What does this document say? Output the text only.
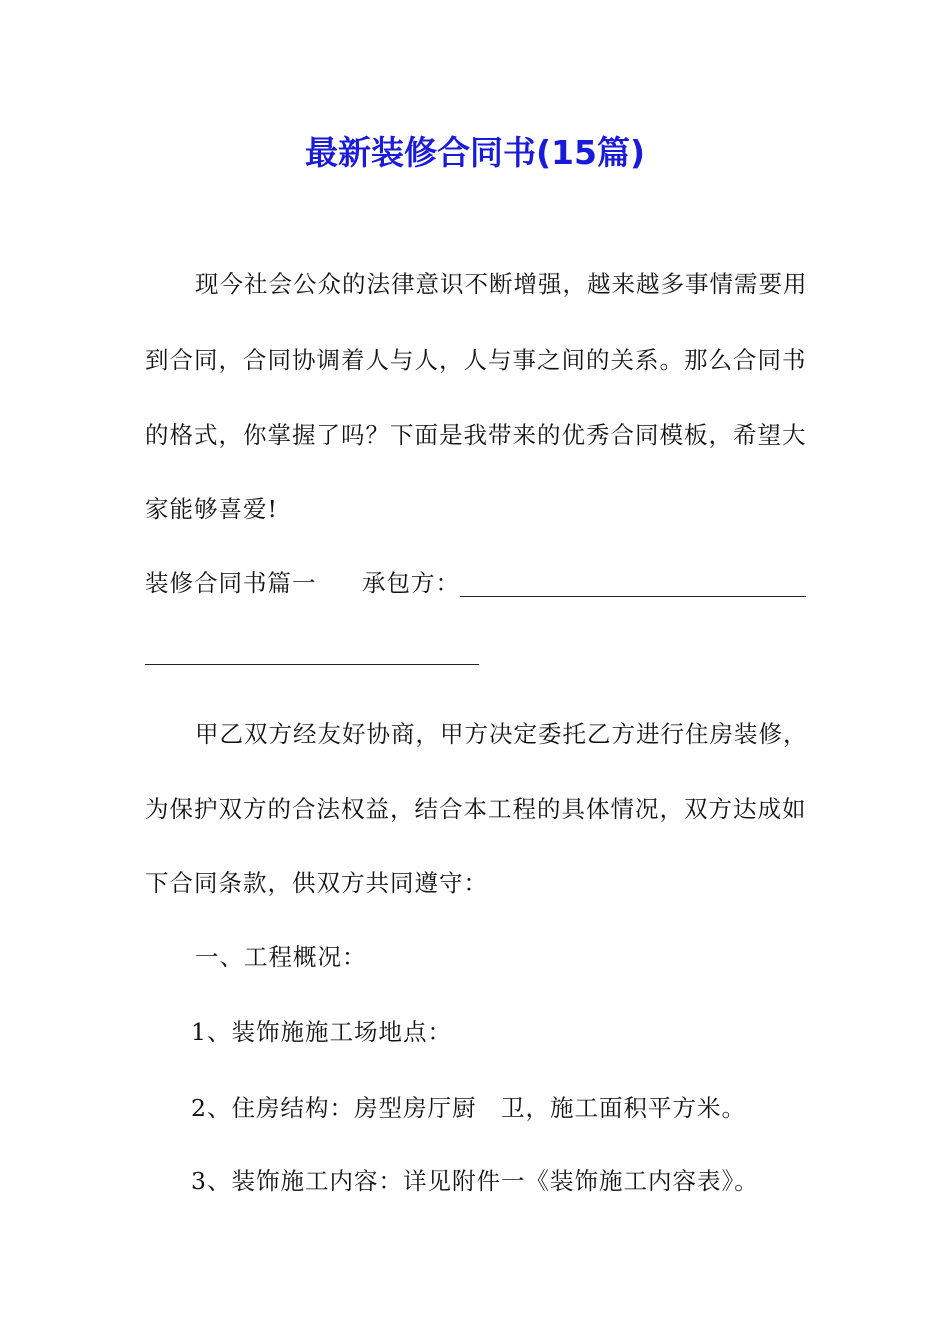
最新装修合同书(15篇)
现今社会公众的法律意识不断增强，越来越多事情需要用
到合同，合同协调着人与人，人与事之间的关系。那么合同书
的格式，你掌握了吗？下面是我带来的优秀合同模板，希望大
家能够喜爱!
装修合同书篇一 承包方：
甲乙双方经友好协商，甲方决定委托乙方进行住房装修，
为保护双方的合法权益，结合本工程的具体情况，双方达成如
下合同条款，供双方共同遵守：
一、工程概况：
1、装饰施施工场地点：
2、住房结构：房型房厅厨　卫，施工面积平方米。
3、装饰施工内容：详见附件一《装饰施工内容表》。
